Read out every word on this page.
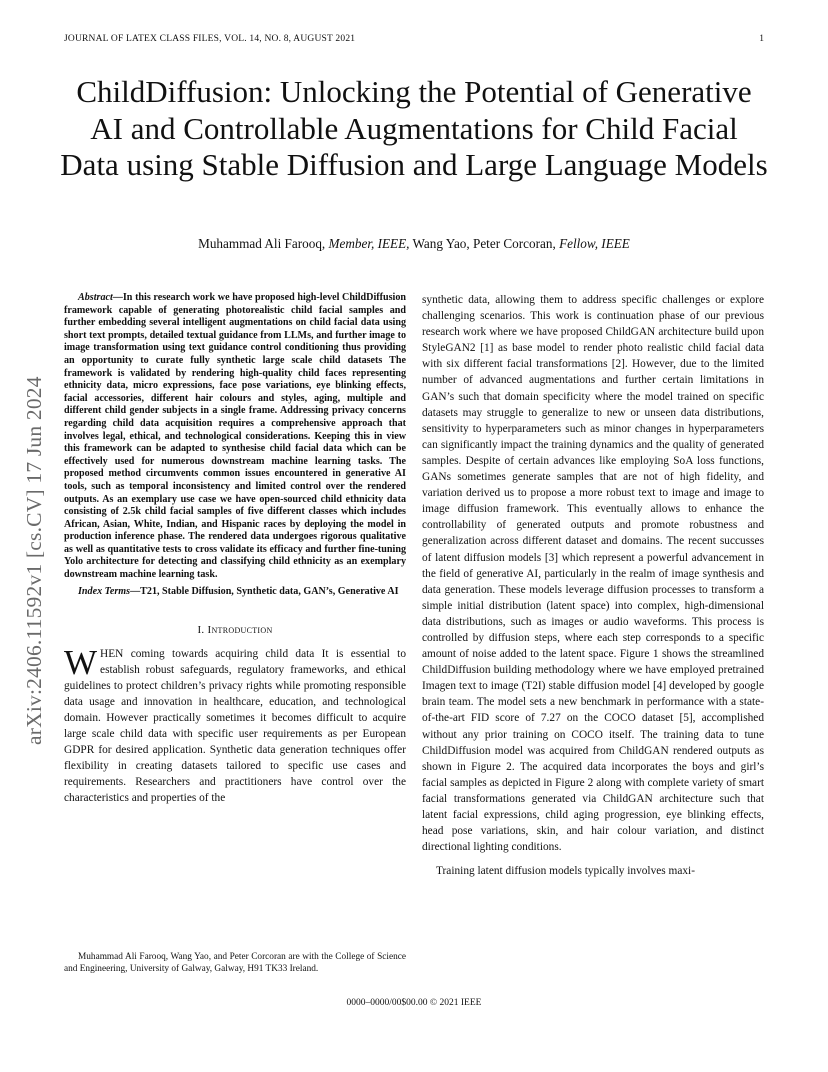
JOURNAL OF LATEX CLASS FILES, VOL. 14, NO. 8, AUGUST 2021	1
ChildDiffusion: Unlocking the Potential of Generative AI and Controllable Augmentations for Child Facial Data using Stable Diffusion and Large Language Models
Muhammad Ali Farooq, Member, IEEE, Wang Yao, Peter Corcoran, Fellow, IEEE
arXiv:2406.11592v1 [cs.CV] 17 Jun 2024

Abstract—In this research work we have proposed high-level ChildDiffusion framework capable of generating photorealistic child facial samples and further embedding several intelligent augmentations on child facial data using short text prompts, detailed textual guidance from LLMs, and further image to image transformation using text guidance control conditioning thus providing an opportunity to curate fully synthetic large scale child datasets The framework is validated by rendering high-quality child faces representing ethnicity data, micro expressions, face pose variations, eye blinking effects, facial accessories, different hair colours and styles, aging, multiple and different child gender subjects in a single frame. Addressing privacy concerns regarding child data acquisition requires a comprehensive approach that involves legal, ethical, and technological considerations. Keeping this in view this framework can be adapted to synthesise child facial data which can be effectively used for numerous downstream machine learning tasks. The proposed method circumvents common issues encountered in generative AI tools, such as temporal inconsistency and limited control over the rendered outputs. As an exemplary use case we have open-sourced child ethnicity data consisting of 2.5k child facial samples of five different classes which includes African, Asian, White, Indian, and Hispanic races by deploying the model in production inference phase. The rendered data undergoes rigorous qualitative as well as quantitative tests to cross validate its efficacy and further fine-tuning Yolo architecture for detecting and classifying child ethnicity as an exemplary downstream machine learning task.

Index Terms—T21, Stable Diffusion, Synthetic data, GAN’s, Generative AI

I. Introduction

WHEN coming towards acquiring child data It is essential to establish robust safeguards, regulatory frameworks, and ethical guidelines to protect children’s privacy rights while promoting responsible data usage and innovation in healthcare, education, and technological domain. However practically sometimes it becomes difficult to acquire large scale child data with specific user requirements as per European GDPR for desired application. Synthetic data generation techniques offer flexibility in creating datasets tailored to specific use cases and requirements. Researchers and practitioners have control over the characteristics and properties of the

Muhammad Ali Farooq, Wang Yao, and Peter Corcoran are with the College of Science and Engineering, University of Galway, Galway, H91 TK33 Ireland.

synthetic data, allowing them to address specific challenges or explore challenging scenarios. This work is continuation phase of our previous research work where we have proposed ChildGAN architecture build upon StyleGAN2 [1] as base model to render photo realistic child facial data with six different facial transformations [2]. However, due to the limited number of advanced augmentations and further certain limitations in GAN’s such that domain specificity where the model trained on specific datasets may struggle to generalize to new or unseen data distributions, sensitivity to hyperparameters such as minor changes in hyperparameters can significantly impact the training dynamics and the quality of generated samples. Despite of certain advances like employing SoA loss functions, GANs sometimes generate samples that are not of high fidelity, and variation derived us to propose a more robust text to image and image to image diffusion framework. This eventually allows to enhance the controllability of generated outputs and promote robustness and generalization across different dataset and domains. The recent succusses of latent diffusion models [3] which represent a powerful advancement in the field of generative AI, particularly in the realm of image synthesis and data generation. These models leverage diffusion processes to transform a simple initial distribution (latent space) into complex, high-dimensional data distributions, such as images or audio waveforms. This process is controlled by diffusion steps, where each step corresponds to a specific amount of noise added to the latent space. Figure 1 shows the streamlined ChildDiffusion building methodology where we have employed pretrained Imagen text to image (T2I) stable diffusion model [4] developed by google brain team. The model sets a new benchmark in performance with a state-of-the-art FID score of 7.27 on the COCO dataset [5], accomplished without any prior training on COCO itself. The training data to tune ChildDiffusion model was acquired from ChildGAN rendered outputs as shown in Figure 2. The acquired data incorporates the boys and girl’s facial samples as depicted in Figure 2 along with complete variety of smart facial transformations generated via ChildGAN architecture such that latent facial expressions, child aging progression, eye blinking effects, head pose variations, skin, and hair colour variation, and distinct directional lighting conditions.

Training latent diffusion models typically involves maxi-

0000–0000/00$00.00 © 2021 IEEE
